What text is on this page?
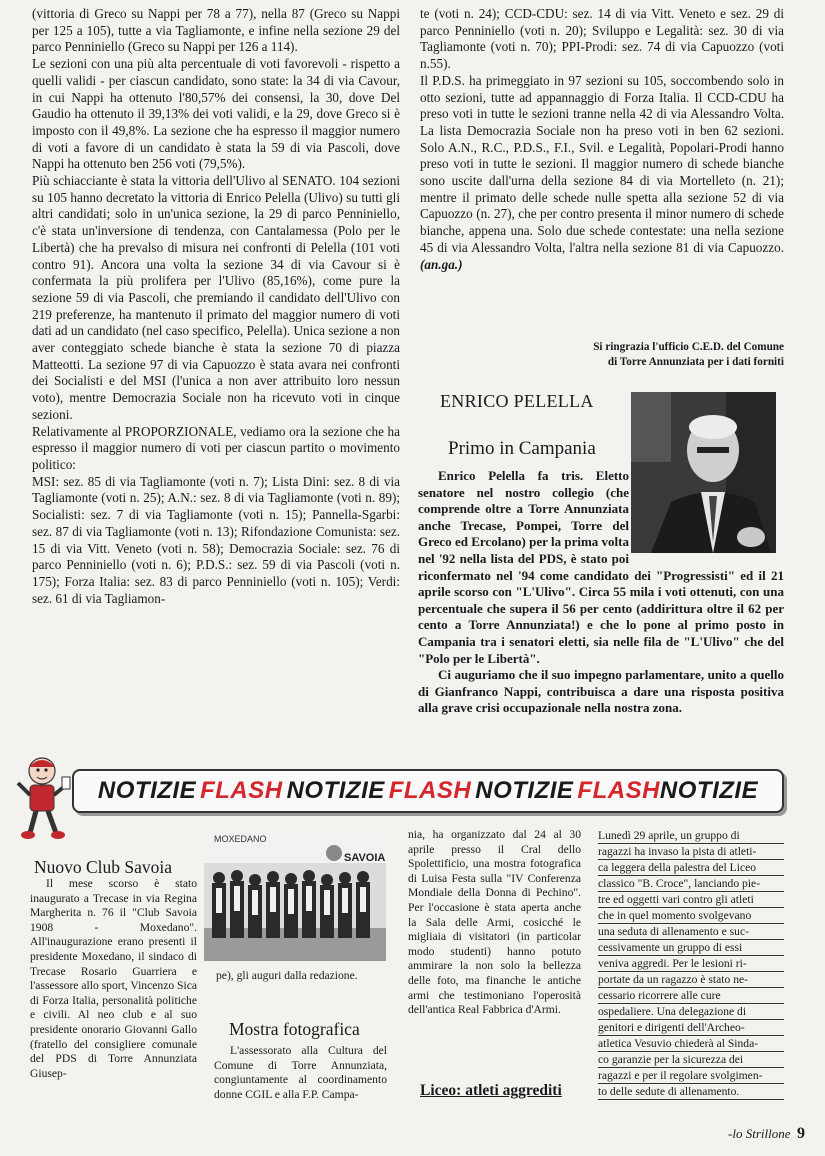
(vittoria di Greco su Nappi per 78 a 77), nella 87 (Greco su Nappi per 125 a 105), tutte a via Tagliamonte, e infine nella sezione 29 del parco Penniniello (Greco su Nappi per 126 a 114).

Le sezioni con una più alta percentuale di voti favorevoli - rispetto a quelli validi - per ciascun candidato, sono state: la 34 di via Cavour, in cui Nappi ha ottenuto l'80,57% dei consensi, la 30, dove Del Gaudio ha ottenuto il 39,13% dei voti validi, e la 29, dove Greco si è imposto con il 49,8%. La sezione che ha espresso il maggior numero di voti a favore di un candidato è stata la 59 di via Pascoli, dove Nappi ha ottenuto ben 256 voti (79,5%).

Più schiacciante è stata la vittoria dell'Ulivo al SENATO. 104 sezioni su 105 hanno decretato la vittoria di Enrico Pelella (Ulivo) su tutti gli altri candidati; solo in un'unica sezione, la 29 di parco Penniniello, c'è stata un'inversione di tendenza, con Cantalamessa (Polo per le Libertà) che ha prevalso di misura nei confronti di Pelella (101 voti contro 91). Ancora una volta la sezione 34 di via Cavour si è confermata la più prolifera per l'Ulivo (85,16%), come pure la sezione 59 di via Pascoli, che premiando il candidato dell'Ulivo con 219 preferenze, ha mantenuto il primato del maggior numero di voti dati ad un candidato (nel caso specifico, Pelella). Unica sezione a non aver conteggiato schede bianche è stata la sezione 70 di piazza Matteotti. La sezione 97 di via Capuozzo è stata avara nei confronti dei Socialisti e del MSI (l'unica a non aver attribuito loro nessun voto), mentre Democrazia Sociale non ha ricevuto voti in cinque sezioni.

Relativamente al PROPORZIONALE, vediamo ora la sezione che ha espresso il maggior numero di voti per ciascun partito o movimento politico:

MSI: sez. 85 di via Tagliamonte (voti n. 7); Lista Dini: sez. 8 di via Tagliamonte (voti n. 25); A.N.: sez. 8 di via Tagliamonte (voti n. 89); Socialisti: sez. 7 di via Tagliamonte (voti n. 15); Pannella-Sgarbi: sez. 87 di via Tagliamonte (voti n. 13); Rifondazione Comunista: sez. 15 di via Vitt. Veneto (voti n. 58); Democrazia Sociale: sez. 76 di parco Penniniello (voti n. 6); P.D.S.: sez. 59 di via Pascoli (voti n. 175); Forza Italia: sez. 83 di parco Penniniello (voti n. 105); Verdi: sez. 61 di via Tagliamon-

te (voti n. 24); CCD-CDU: sez. 14 di via Vitt. Veneto e sez. 29 di parco Penniniello (voti n. 20); Sviluppo e Legalità: sez. 30 di via Tagliamonte (voti n. 70); PPI-Prodi: sez. 74 di via Capuozzo (voti n.55).

Il P.D.S. ha primeggiato in 97 sezioni su 105, soccombendo solo in otto sezioni, tutte ad appannaggio di Forza Italia. Il CCD-CDU ha preso voti in tutte le sezioni tranne nella 42 di via Alessandro Volta. La lista Democrazia Sociale non ha preso voti in ben 62 sezioni. Solo A.N., R.C., P.D.S., F.I., Svil. e Legalità, Popolari-Prodi hanno preso voti in tutte le sezioni. Il maggior numero di schede bianche sono uscite dall'urna della sezione 84 di via Mortelleto (n. 21); mentre il primato delle schede nulle spetta alla sezione 52 di via Capuozzo (n. 27), che per contro presenta il minor numero di schede bianche, appena una. Solo due schede contestate: una nella sezione 45 di via Alessandro Volta, l'altra nella sezione 81 di via Capuozzo.(an.ga.)

Si ringrazia l'ufficio C.E.D. del Comune
di Torre Annunziata per i dati forniti
ENRICO PELELLA
Primo in Campania

Enrico Pelella fa tris. Eletto senatore nel nostro collegio (che comprende oltre a Torre Annunziata anche Trecase, Pompei, Torre del Greco ed Ercolano) per la prima volta nel '92 nella lista del PDS, è stato poi riconfermato nel '94 come candidato dei "Progressisti" ed il 21 aprile scorso con "L'Ulivo". Circa 55 mila i voti ottenuti, con una percentuale che supera il 56 per cento (addirittura oltre il 62 per cento a Torre Annunziata!) e che lo pone al primo posto in Campania tra i senatori eletti, sia nelle fila de "L'Ulivo" che del "Polo per le Libertà".

Ci auguriamo che il suo impegno parlamentare, unito a quello di Gianfranco Nappi, contribuisca a dare una risposta positiva alla grave crisi occupazionale nella nostra zona.

NOTIZIE
FLASH
NOTIZIE
FLASH
NOTIZIE
FLASH NOTIZIE
Nuovo Club Savoia
Il mese scorso è stato inaugurato a Trecase in via Regina Margherita n. 76 il "Club Savoia 1908 - Moxedano". All'inaugurazione erano presenti il presidente Moxedano, il sindaco di Trecase Rosario Guarriera e l'assessore allo sport, Vincenzo Sica di Forza Italia, personalità politiche e civili. Al neo club e al suo presidente onorario Giovanni Gallo (fratello del consigliere comunale del PDS di Torre Annunziata Giusep-
MOXEDANO
SAVOIA
pe), gli auguri dalla redazione.
Mostra fotografica
L'assessorato alla Cultura del Comune di Torre Annunziata, congiuntamente al coordinamento donne CGIL e alla F.P. Campa-
nia, ha organizzato dal 24 al 30 aprile presso il Cral dello Spolettificio, una mostra fotografica di Luisa Festa sulla "IV Conferenza Mondiale della Donna di Pechino". Per l'occasione è stata aperta anche la Sala delle Armi, cosicché le migliaia di visitatori (in particolar modo studenti) hanno potuto ammirare la non solo la bellezza delle foto, ma finanche le antiche armi che testimoniano l'operosità dell'antica Real Fabbrica d'Armi.
Liceo: atleti aggrediti
Lunedì 29 aprile, un gruppo di
ragazzi ha invaso la pista di atleti-
ca leggera della palestra del Liceo
classico "B. Croce", lanciando pie-
tre ed oggetti vari contro gli atleti
che in quel momento svolgevano
una seduta di allenamento e suc-
cessivamente un gruppo di essi
veniva aggredi. Per le lesioni ri-
portate da un ragazzo è stato ne-
cessario ricorrere alle cure
ospedaliere. Una delegazione di
genitori e dirigenti dell'Archeo-
atletica Vesuvio chiederà al Sinda-
co garanzie per la sicurezza dei
ragazzi e per il regolare svolgimen-
to delle sedute di allenamento.
-lo Strillone 9
